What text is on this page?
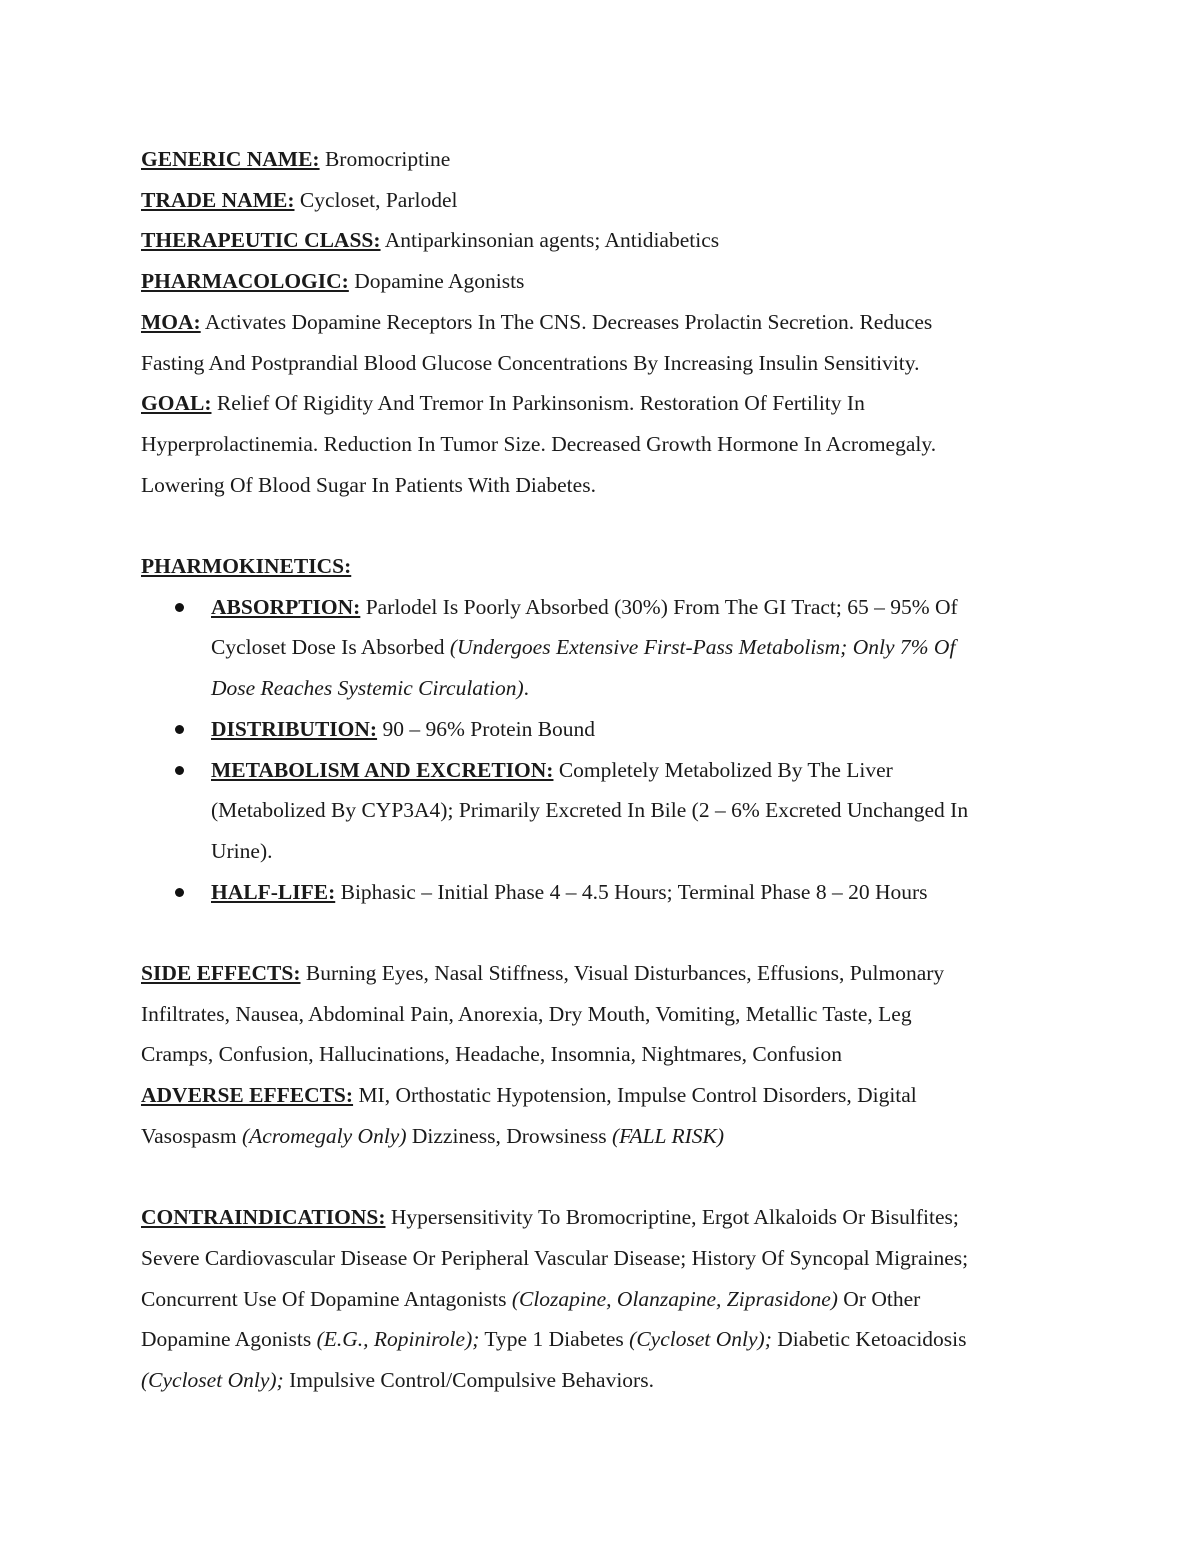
GENERIC NAME: Bromocriptine

TRADE NAME: Cycloset, Parlodel

THERAPEUTIC CLASS: Antiparkinsonian agents; Antidiabetics

PHARMACOLOGIC: Dopamine Agonists

MOA: Activates Dopamine Receptors In The CNS. Decreases Prolactin Secretion. Reduces

Fasting And Postprandial Blood Glucose Concentrations By Increasing Insulin Sensitivity.

GOAL: Relief Of Rigidity And Tremor In Parkinsonism. Restoration Of Fertility In

Hyperprolactinemia. Reduction In Tumor Size. Decreased Growth Hormone In Acromegaly.

Lowering Of Blood Sugar In Patients With Diabetes.

PHARMOKINETICS:

ABSORPTION: Parlodel Is Poorly Absorbed (30%) From The GI Tract; 65 – 95% Of

Cycloset Dose Is Absorbed (Undergoes Extensive First-Pass Metabolism; Only 7% Of

Dose Reaches Systemic Circulation).

DISTRIBUTION: 90 – 96% Protein Bound

METABOLISM AND EXCRETION: Completely Metabolized By The Liver

(Metabolized By CYP3A4); Primarily Excreted In Bile (2 – 6% Excreted Unchanged In

Urine).

HALF-LIFE: Biphasic – Initial Phase 4 – 4.5 Hours; Terminal Phase 8 – 20 Hours

SIDE EFFECTS: Burning Eyes, Nasal Stiffness, Visual Disturbances, Effusions, Pulmonary

Infiltrates, Nausea, Abdominal Pain, Anorexia, Dry Mouth, Vomiting, Metallic Taste, Leg

Cramps, Confusion, Hallucinations, Headache, Insomnia, Nightmares, Confusion

ADVERSE EFFECTS: MI, Orthostatic Hypotension, Impulse Control Disorders, Digital

Vasospasm (Acromegaly Only) Dizziness, Drowsiness (FALL RISK)

CONTRAINDICATIONS: Hypersensitivity To Bromocriptine, Ergot Alkaloids Or Bisulfites;

Severe Cardiovascular Disease Or Peripheral Vascular Disease; History Of Syncopal Migraines;

Concurrent Use Of Dopamine Antagonists (Clozapine, Olanzapine, Ziprasidone) Or Other

Dopamine Agonists (E.G., Ropinirole); Type 1 Diabetes (Cycloset Only); Diabetic Ketoacidosis

(Cycloset Only); Impulsive Control/Compulsive Behaviors.
